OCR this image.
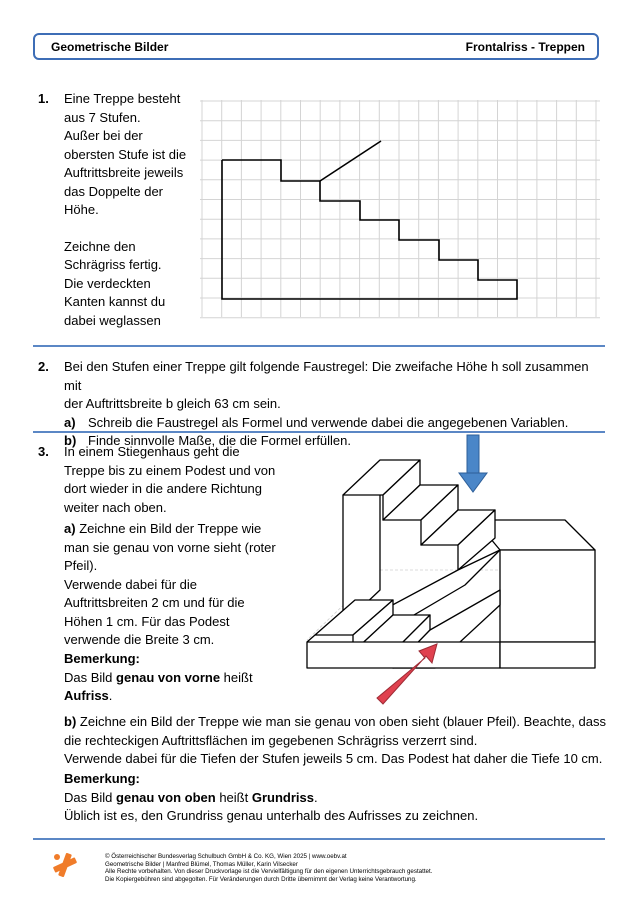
Geometrische Bilder	Frontalriss - Treppen
1. Eine Treppe besteht
aus 7 Stufen.
Außer bei der
obersten Stufe ist die
Auftrittsbreite jeweils
das Doppelte der
Höhe.
Zeichne den
Schrägriss fertig.
Die verdeckten
Kanten kannst du
dabei weglassen
2. Bei den Stufen einer Treppe gilt folgende Faustregel: Die zweifache Höhe h soll zusammen mit
der Auftrittsbreite b gleich 63 cm sein.
a) Schreib die Faustregel als Formel und verwende dabei die angegebenen Variablen.
b) Finde sinnvolle Maße, die die Formel erfüllen.
3. In einem Stiegenhaus geht die
Treppe bis zu einem Podest und von
dort wieder in die andere Richtung
weiter nach oben.
a) Zeichne ein Bild der Treppe wie
man sie genau von vorne sieht (roter
Pfeil).
Verwende dabei für die
Auftrittsbreiten 2 cm und für die
Höhen 1 cm. Für das Podest
verwende die Breite 3 cm.
Bemerkung:
Das Bild genau von vorne heißt
Aufriss.
b) Zeichne ein Bild der Treppe wie man sie genau von oben sieht (blauer Pfeil). Beachte, dass
die rechteckigen Auftrittsflächen im gegebenen Schrägriss verzerrt sind.
Verwende dabei für die Tiefen der Stufen jeweils 5 cm. Das Podest hat daher die Tiefe 10 cm.
Bemerkung:
Das Bild genau von oben heißt Grundriss.
Üblich ist es, den Grundriss genau unterhalb des Aufrisses zu zeichnen.
© Österreichischer Bundesverlag Schulbuch GmbH & Co. KG, Wien 2025 | www.oebv.at
Geometrische Bilder | Manfred Blümel, Thomas Müller, Karin Vilsecker
Alle Rechte vorbehalten. Von dieser Druckvorlage ist die Vervielfältigung für den eigenen Unterrichtsgebrauch gestattet.
Die Kopiergebühren sind abgegolten. Für Veränderungen durch Dritte übernimmt der Verlag keine Verantwortung.
